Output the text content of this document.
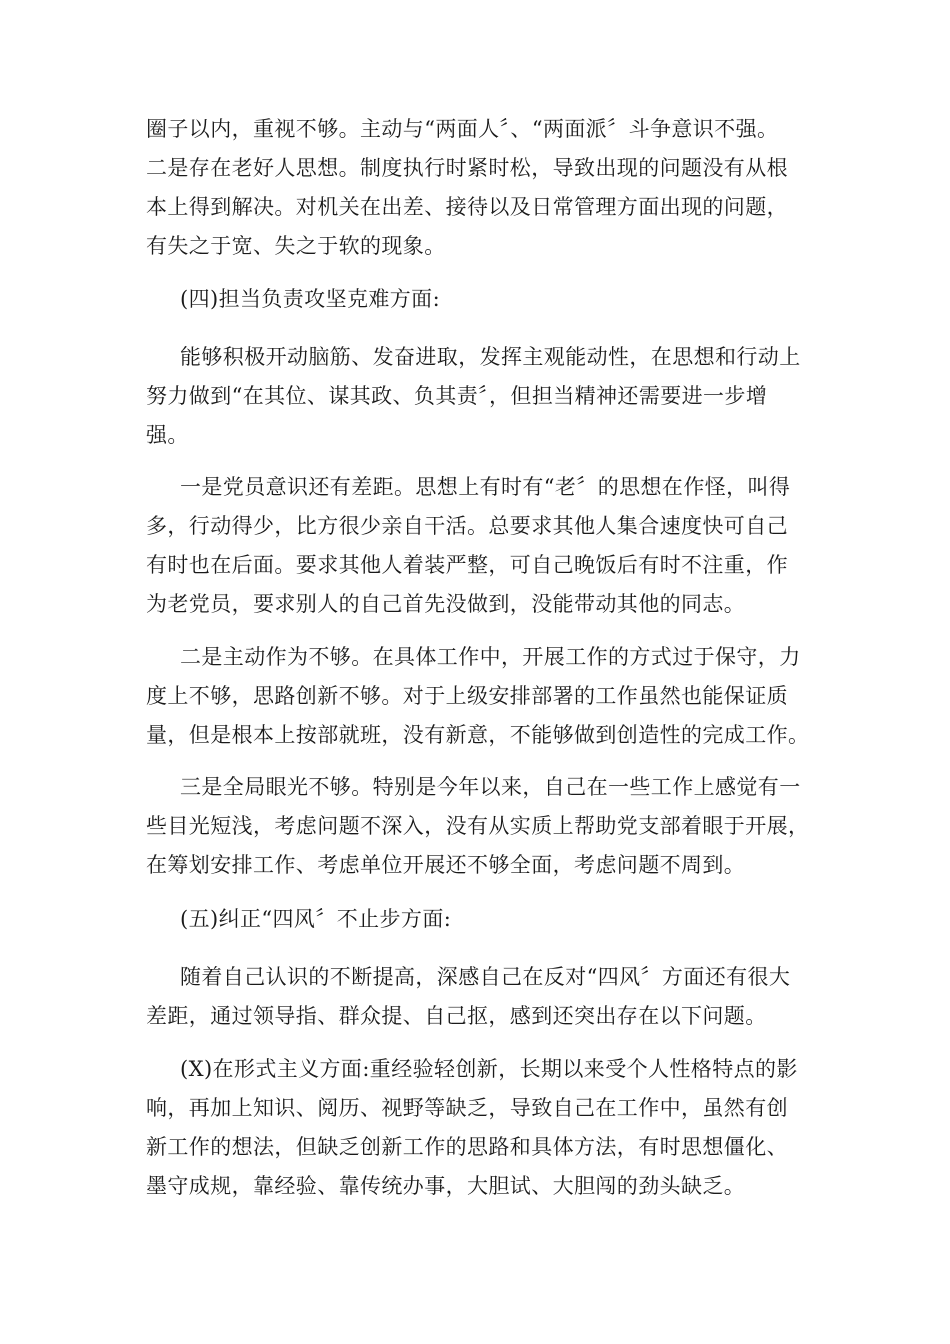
圈子以内，重视不够。主动与“两面人〞、“两面派〞斗争意识不强。
二是存在老好人思想。制度执行时紧时松，导致出现的问题没有从根
本上得到解决。对机关在出差、接待以及日常管理方面出现的问题，
有失之于宽、失之于软的现象。
(四)担当负责攻坚克难方面:
能够积极开动脑筋、发奋进取，发挥主观能动性，在思想和行动上
努力做到“在其位、谋其政、负其责〞，但担当精神还需要进一步增
强。
一是党员意识还有差距。思想上有时有“老〞的思想在作怪，叫得
多，行动得少，比方很少亲自干活。总要求其他人集合速度快可自己
有时也在后面。要求其他人着装严整，可自己晚饭后有时不注重，作
为老党员，要求别人的自己首先没做到，没能带动其他的同志。
二是主动作为不够。在具体工作中，开展工作的方式过于保守，力
度上不够，思路创新不够。对于上级安排部署的工作虽然也能保证质
量，但是根本上按部就班，没有新意，不能够做到创造性的完成工作。
三是全局眼光不够。特别是今年以来，自己在一些工作上感觉有一
些目光短浅，考虑问题不深入，没有从实质上帮助党支部着眼于开展，
在筹划安排工作、考虑单位开展还不够全面，考虑问题不周到。
(五)纠正“四风〞不止步方面:
随着自己认识的不断提高，深感自己在反对“四风〞方面还有很大
差距，通过领导指、群众提、自己抠，感到还突出存在以下问题。
(X)在形式主义方面:重经验轻创新，长期以来受个人性格特点的影
响，再加上知识、阅历、视野等缺乏，导致自己在工作中，虽然有创
新工作的想法，但缺乏创新工作的思路和具体方法，有时思想僵化、
墨守成规，靠经验、靠传统办事，大胆试、大胆闯的劲头缺乏。
